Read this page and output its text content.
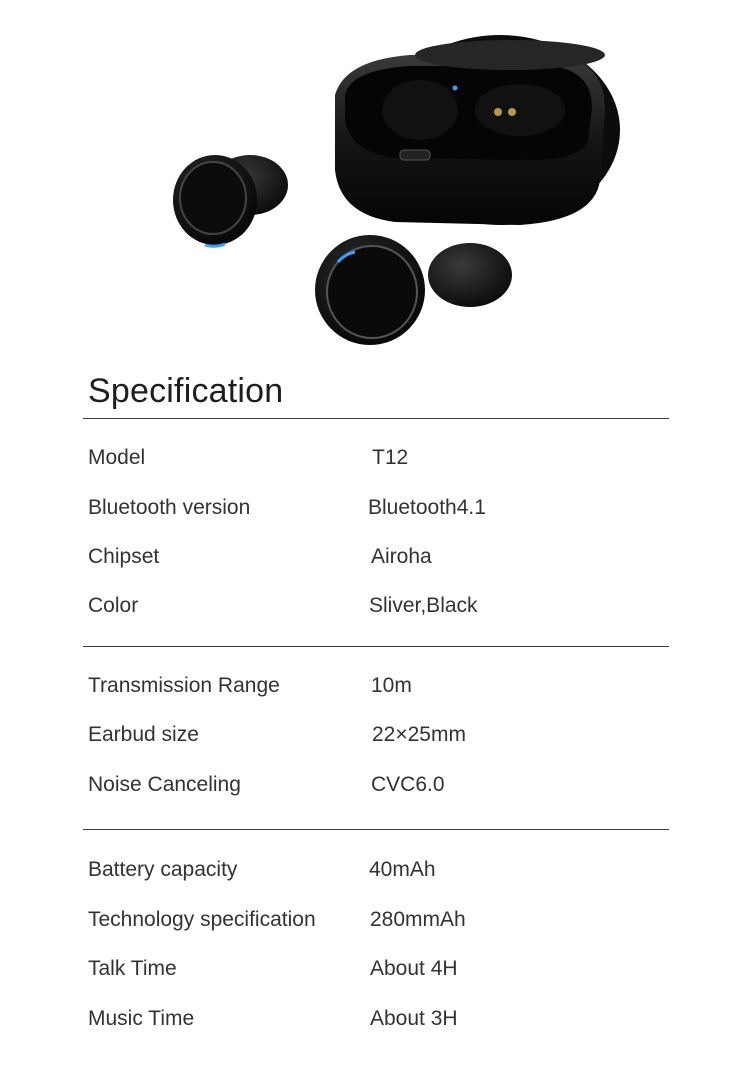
Specification
Model	T12
Bluetooth version	Bluetooth4.1
Chipset	Airoha
Color	Sliver,Black
Transmission Range	10m
Earbud size	22×25mm
Noise Canceling	CVC6.0
Battery capacity	40mAh
Technology specification	280mmAh
Talk Time	About 4H
Music Time	About 3H
